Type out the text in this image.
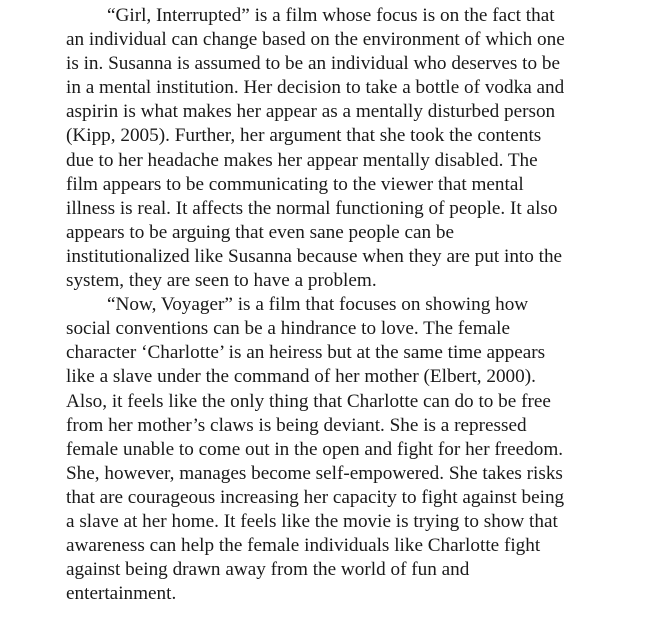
“Girl, Interrupted” is a film whose focus is on the fact that
an individual can change based on the environment of which one
is in. Susanna is assumed to be an individual who deserves to be
in a mental institution. Her decision to take a bottle of vodka and
aspirin is what makes her appear as a mentally disturbed person
(Kipp, 2005). Further, her argument that she took the contents
due to her headache makes her appear mentally disabled. The
film appears to be communicating to the viewer that mental
illness is real. It affects the normal functioning of people. It also
appears to be arguing that even sane people can be
institutionalized like Susanna because when they are put into the
system, they are seen to have a problem.
“Now, Voyager” is a film that focuses on showing how
social conventions can be a hindrance to love. The female
character ‘Charlotte’ is an heiress but at the same time appears
like a slave under the command of her mother (Elbert, 2000).
Also, it feels like the only thing that Charlotte can do to be free
from her mother’s claws is being deviant. She is a repressed
female unable to come out in the open and fight for her freedom.
She, however, manages become self-empowered. She takes risks
that are courageous increasing her capacity to fight against being
a slave at her home. It feels like the movie is trying to show that
awareness can help the female individuals like Charlotte fight
against being drawn away from the world of fun and
entertainment.
